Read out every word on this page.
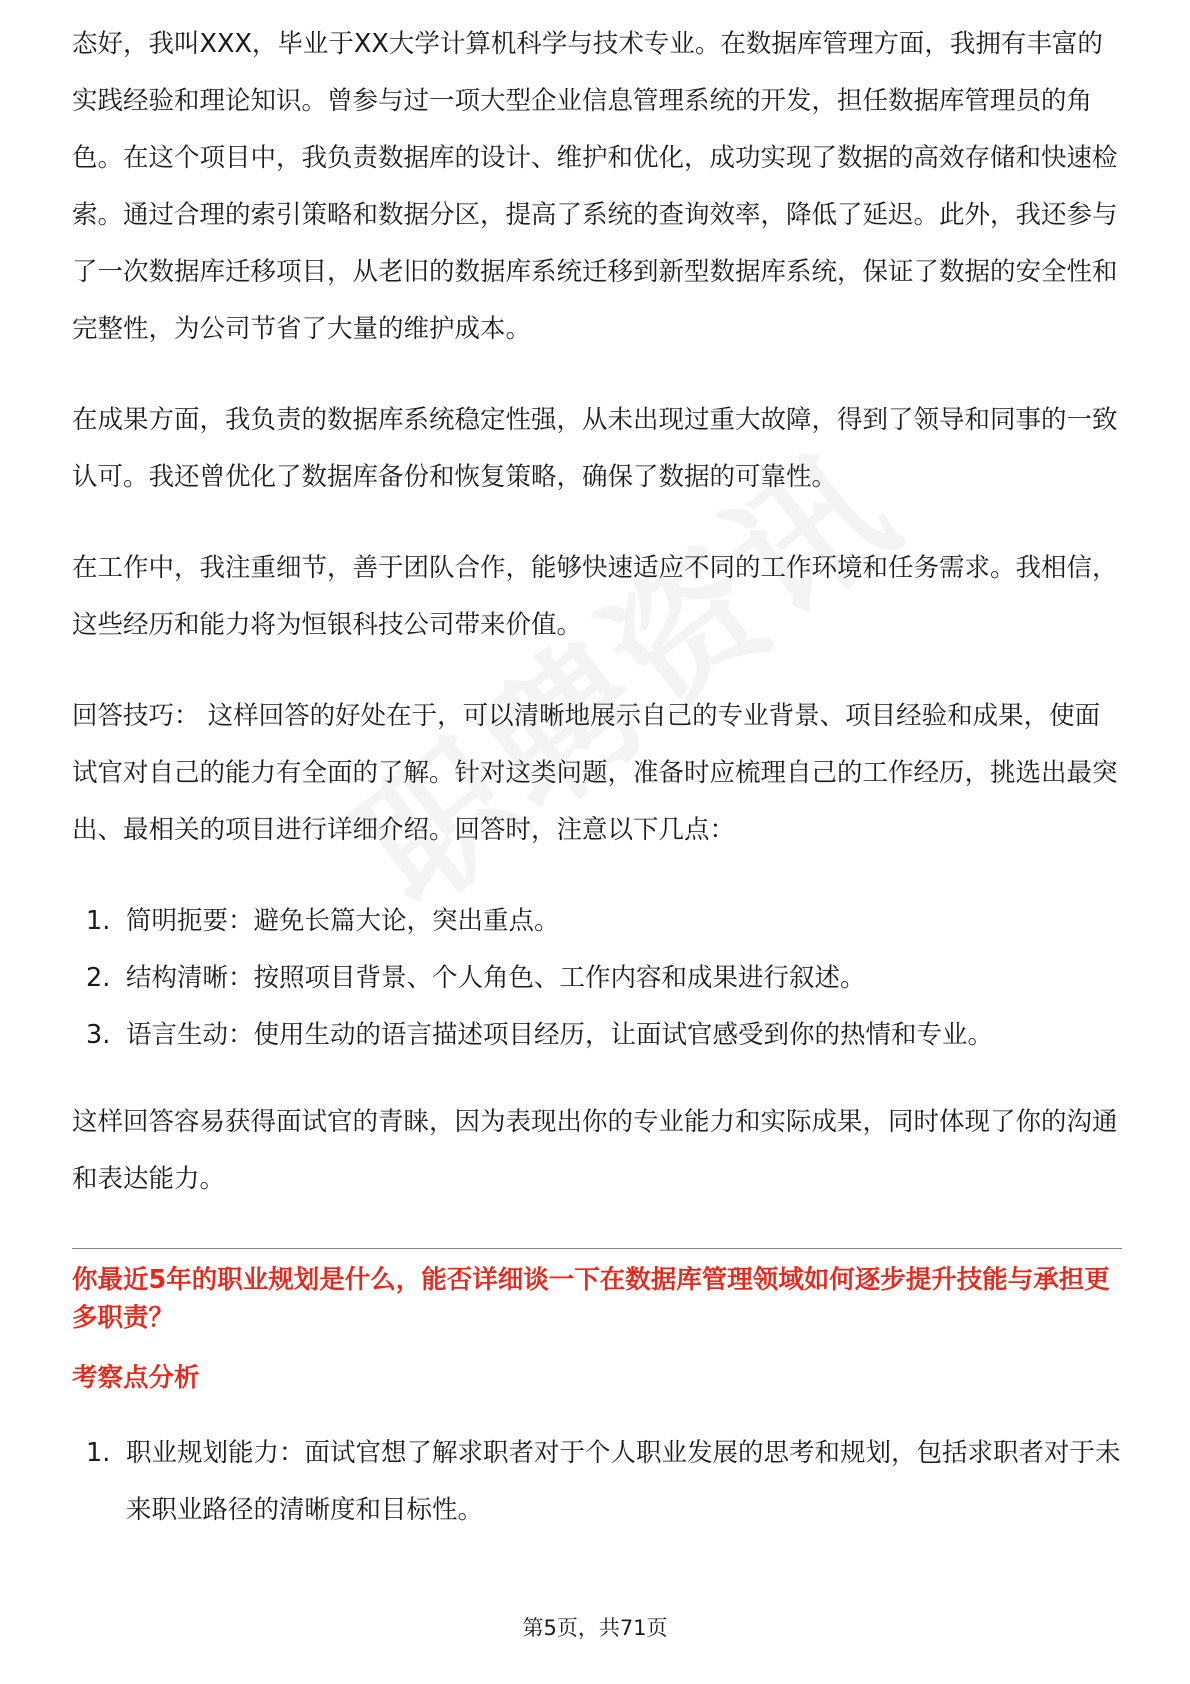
态好，我叫XXX，毕业于XX大学计算机科学与技术专业。在数据库管理方面，我拥有丰富的实践经验和理论知识。曾参与过一项大型企业信息管理系统的开发，担任数据库管理员的角色。在这个项目中，我负责数据库的设计、维护和优化，成功实现了数据的高效存储和快速检索。通过合理的索引策略和数据分区，提高了系统的查询效率，降低了延迟。此外，我还参与了一次数据库迁移项目，从老旧的数据库系统迁移到新型数据库系统，保证了数据的安全性和完整性，为公司节省了大量的维护成本。

在成果方面，我负责的数据库系统稳定性强，从未出现过重大故障，得到了领导和同事的一致认可。我还曾优化了数据库备份和恢复策略，确保了数据的可靠性。

在工作中，我注重细节，善于团队合作，能够快速适应不同的工作环境和任务需求。我相信，这些经历和能力将为恒银科技公司带来价值。

回答技巧： 这样回答的好处在于，可以清晰地展示自己的专业背景、项目经验和成果，使面试官对自己的能力有全面的了解。针对这类问题，准备时应梳理自己的工作经历，挑选出最突出、最相关的项目进行详细介绍。回答时，注意以下几点：

1. 简明扼要：避免长篇大论，突出重点。
2. 结构清晰：按照项目背景、个人角色、工作内容和成果进行叙述。
3. 语言生动：使用生动的语言描述项目经历，让面试官感受到你的热情和专业。

这样回答容易获得面试官的青睐，因为表现出你的专业能力和实际成果，同时体现了你的沟通和表达能力。

你最近5年的职业规划是什么，能否详细谈一下在数据库管理领域如何逐步提升技能与承担更多职责？
考察点分析
1. 职业规划能力：面试官想了解求职者对于个人职业发展的思考和规划，包括求职者对于未来职业路径的清晰度和目标性。
第5页，共71页
